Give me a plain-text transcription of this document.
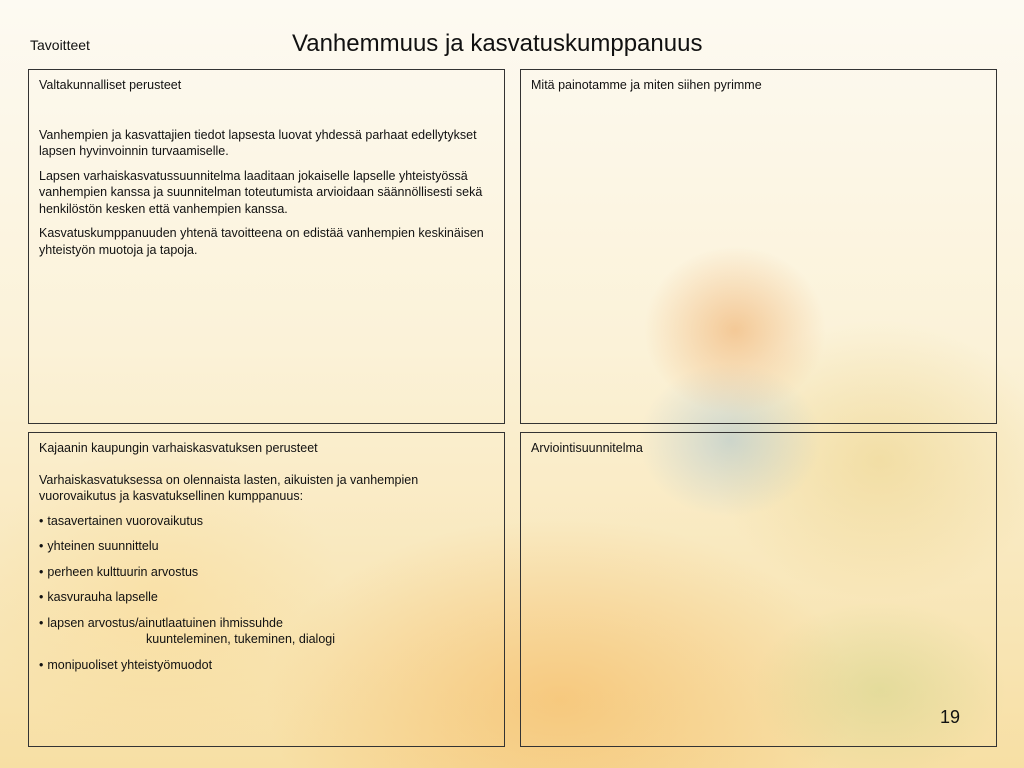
Tavoitteet	Vanhemmuus ja kasvatuskumppanuus
Valtakunnalliset perusteet

Vanhempien ja kasvattajien tiedot lapsesta luovat yhdessä parhaat edellytykset lapsen hyvinvoinnin turvaamiselle.

Lapsen varhaiskasvatussuunnitelma laaditaan jokaiselle lapselle yhteistyössä vanhempien kanssa ja suunnitelman toteutumista arvioidaan säännöllisesti sekä henkilöstön kesken että vanhempien kanssa.

Kasvatuskumppanuuden yhtenä tavoitteena on edistää vanhempien keskinäisen yhteistyön muotoja ja tapoja.

Mitä painotamme ja miten siihen pyrimme
Kajaanin kaupungin varhaiskasvatuksen perusteet

Varhaiskasvatuksessa on olennaista lasten, aikuisten ja vanhempien vuorovaikutus ja kasvatuksellinen kumppanuus:

• tasavertainen vuorovaikutus
• yhteinen suunnittelu
• perheen kulttuurin arvostus
• kasvurauha lapselle
• lapsen arvostus/ainutlaatuinen ihmissuhde
kuunteleminen, tukeminen, dialogi
• monipuoliset yhteistyömuodot
Arviointisuunnitelma
19
